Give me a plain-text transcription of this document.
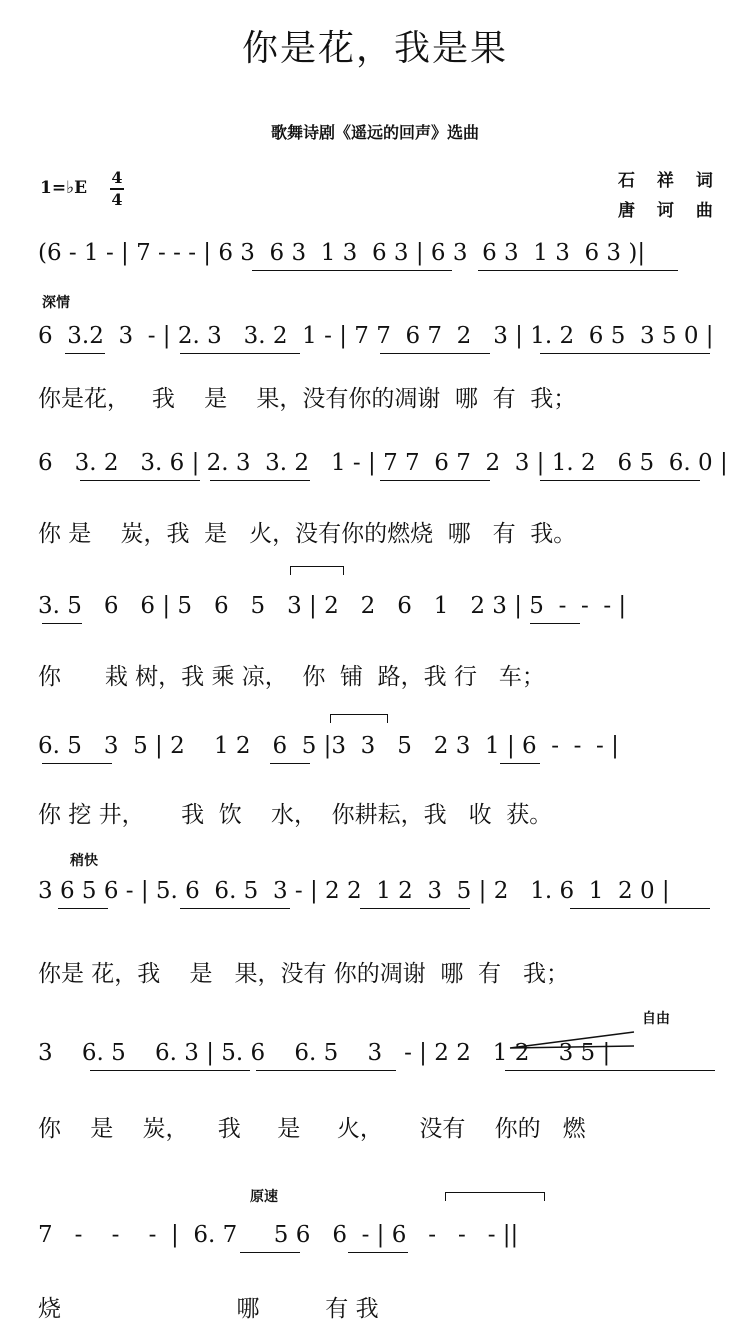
你是花，我是果
歌舞诗剧《遥远的回声》选曲
1=♭E
4
4
石 祥 词
唐 诃 曲
深情
稍快
自由
原速
(6 - 1 - | 7 - - - | 6 3  6 3  1 3  6 3 | 6 3  6 3  1 3  6 3 )|
6  3.2  3  - | 2. 3   3. 2  1 - | 7 7  6 7  2   3 | 1. 2  6 5  3 5 0 |
6   3. 2   3. 6 | 2. 3  3. 2   1 - | 7 7  6 7  2  3 | 1. 2   6 5  6. 0 |
3. 5   6   6 | 5   6   5   3 | 2   2   6   1   2 3 | 5  -  -  - |
6. 5   3  5 | 2    1 2   6  5 |3  3   5   2 3  1 | 6  -  -  - |
3 6 5 6 - | 5. 6  6. 5  3 - | 2 2  1 2  3  5 | 2   1. 6  1  2 0 |
3    6. 5    6. 3 | 5. 6    6. 5    3   - | 2 2   1 2    3 5 |
7   -    -    -  |  6. 7     5 6   6  - | 6   -   -   - ||
你是花，   我    是    果，没有你的凋谢  哪  有  我；
你 是    炭，我  是   火，没有你的燃烧  哪   有  我。
你      栽 树，我 乘 凉，  你  铺  路，我 行   车；
你 挖 井，     我  饮    水，  你耕耘，我   收  获。
你是 花，我    是   果，没有 你的凋谢  哪  有   我；
你    是    炭，    我     是     火，     没有    你的   燃
烧                        哪         有 我
